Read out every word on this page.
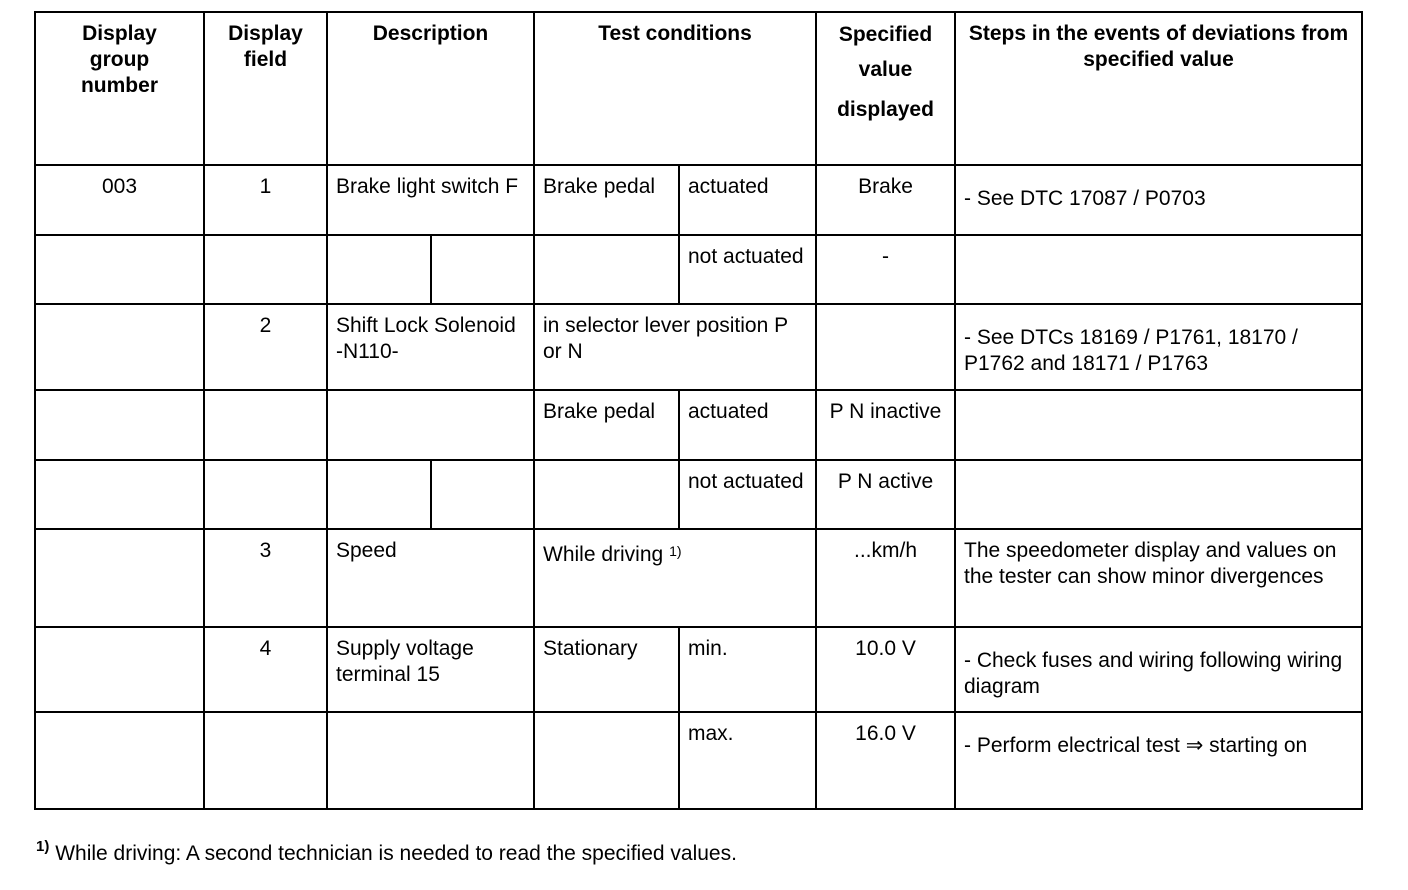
Display group number	Display field	Description		Test conditions		Specified
value
displayed	Steps in the events of deviations from specified value
003	1	Brake light switch F		Brake pedal	actuated	Brake	- See DTC 17087 / P0703
					not actuated	-	
	2	Shift Lock Solenoid -N110-		in selector lever position P or N			- See DTCs 18169 / P1761, 18170 / P1762 and 18171 / P1763
				Brake pedal	actuated	P N inactive	
					not actuated	P N active	
	3	Speed		While driving $^{1)}$		...km/h	The speedometer display and values on the tester can show minor divergences
	4	Supply voltage terminal 15		Stationary	min.	10.0 V	- Check fuses and wiring following wiring diagram
					max.	16.0 V	- Perform electrical test ⇒ starting on
$^{1)}$ While driving: A second technician is needed to read the specified values.
